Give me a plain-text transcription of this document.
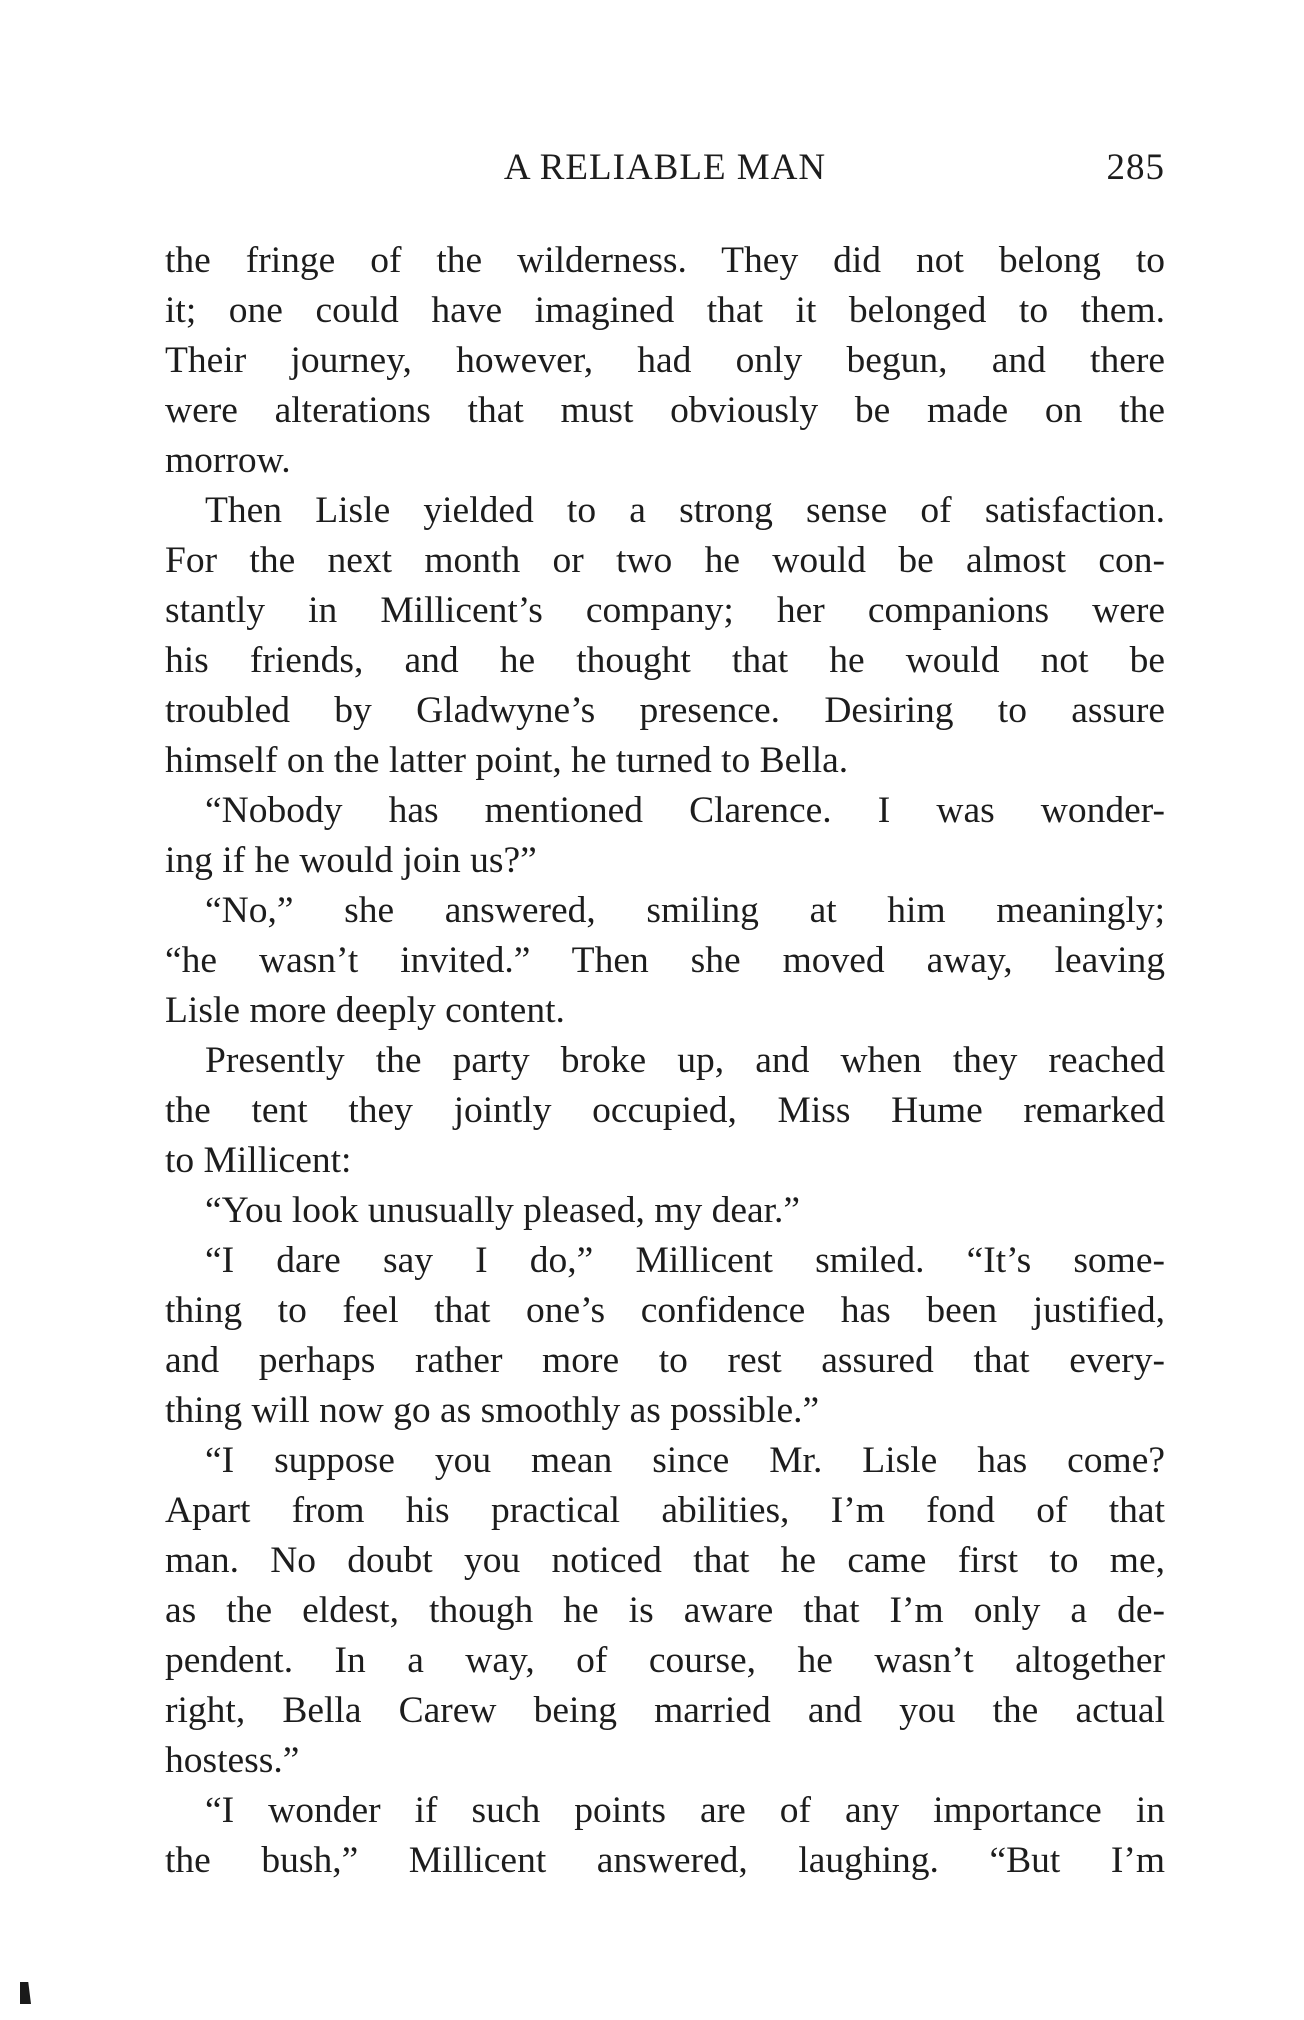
A RELIABLE MAN	285
the fringe of the wilderness. They did not belong to
it; one could have imagined that it belonged to them.
Their journey, however, had only begun, and there
were alterations that must obviously be made on the
morrow.
Then Lisle yielded to a strong sense of satisfaction.
For the next month or two he would be almost con-
stantly in Millicent’s company; her companions were
his friends, and he thought that he would not be
troubled by Gladwyne’s presence. Desiring to assure
himself on the latter point, he turned to Bella.
“Nobody has mentioned Clarence. I was wonder-
ing if he would join us?”
“No,” she answered, smiling at him meaningly;
“he wasn’t invited.” Then she moved away, leaving
Lisle more deeply content.
Presently the party broke up, and when they reached
the tent they jointly occupied, Miss Hume remarked
to Millicent:
“You look unusually pleased, my dear.”
“I dare say I do,” Millicent smiled. “It’s some-
thing to feel that one’s confidence has been justified,
and perhaps rather more to rest assured that every-
thing will now go as smoothly as possible.”
“I suppose you mean since Mr. Lisle has come?
Apart from his practical abilities, I’m fond of that
man. No doubt you noticed that he came first to me,
as the eldest, though he is aware that I’m only a de-
pendent. In a way, of course, he wasn’t altogether
right, Bella Carew being married and you the actual
hostess.”
“I wonder if such points are of any importance in
the bush,” Millicent answered, laughing. “But I’m
